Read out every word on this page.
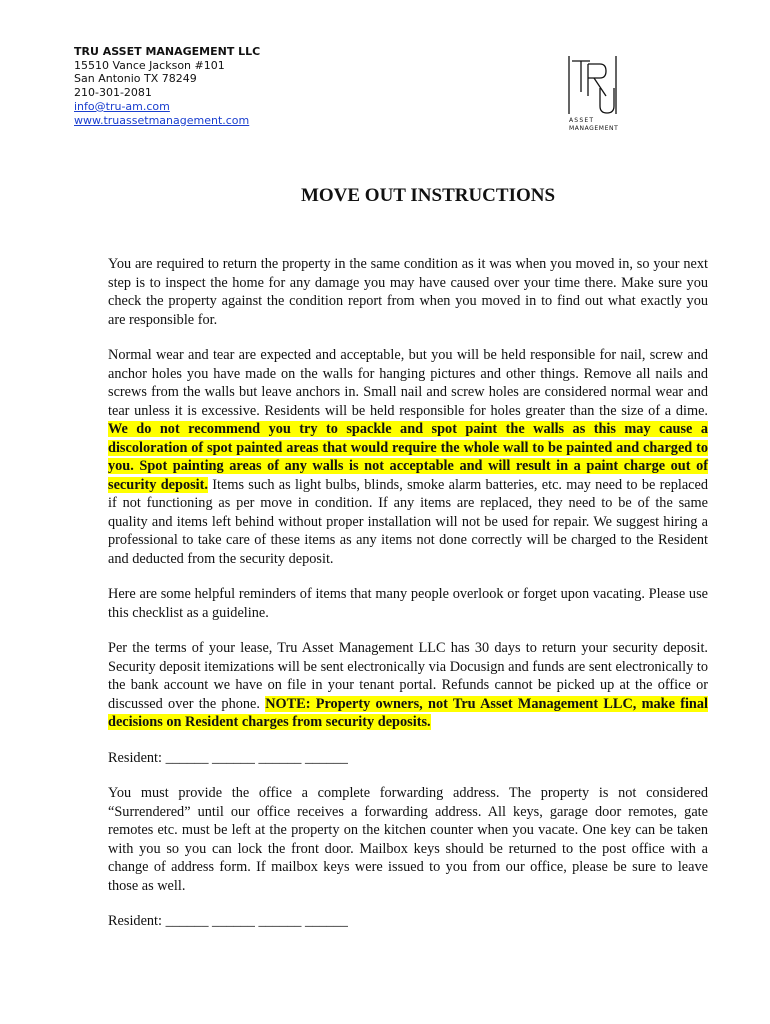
TRU ASSET MANAGEMENT LLC
15510 Vance Jackson #101
San Antonio TX 78249
210-301-2081
info@tru-am.com
www.truassetmanagement.com	ASSET
MANAGEMENT
MOVE OUT INSTRUCTIONS

You are required to return the property in the same condition as it was when you moved in, so your next step is to inspect the home for any damage you may have caused over your time there. Make sure you check the property against the condition report from when you moved in to find out what exactly you are responsible for.

Normal wear and tear are expected and acceptable, but you will be held responsible for nail, screw and anchor holes you have made on the walls for hanging pictures and other things. Remove all nails and screws from the walls but leave anchors in. Small nail and screw holes are considered normal wear and tear unless it is excessive. Residents will be held responsible for holes greater than the size of a dime. We do not recommend you try to spackle and spot paint the walls as this may cause a discoloration of spot painted areas that would require the whole wall to be painted and charged to you. Spot painting areas of any walls is not acceptable and will result in a paint charge out of security deposit. Items such as light bulbs, blinds, smoke alarm batteries, etc. may need to be replaced if not functioning as per move in condition. If any items are replaced, they need to be of the same quality and items left behind without proper installation will not be used for repair. We suggest hiring a professional to take care of these items as any items not done correctly will be charged to the Resident and deducted from the security deposit.

Here are some helpful reminders of items that many people overlook or forget upon vacating. Please use this checklist as a guideline.

Per the terms of your lease, Tru Asset Management LLC has 30 days to return your security deposit. Security deposit itemizations will be sent electronically via Docusign and funds are sent electronically to the bank account we have on file in your tenant portal. Refunds cannot be picked up at the office or discussed over the phone. NOTE: Property owners, not Tru Asset Management LLC, make final decisions on Resident charges from security deposits.

Resident: ______ ______ ______ ______

You must provide the office a complete forwarding address. The property is not considered “Surrendered” until our office receives a forwarding address. All keys, garage door remotes, gate remotes etc. must be left at the property on the kitchen counter when you vacate. One key can be taken with you so you can lock the front door. Mailbox keys should be returned to the post office with a change of address form. If mailbox keys were issued to you from our office, please be sure to leave those as well.

Resident: ______ ______ ______ ______
